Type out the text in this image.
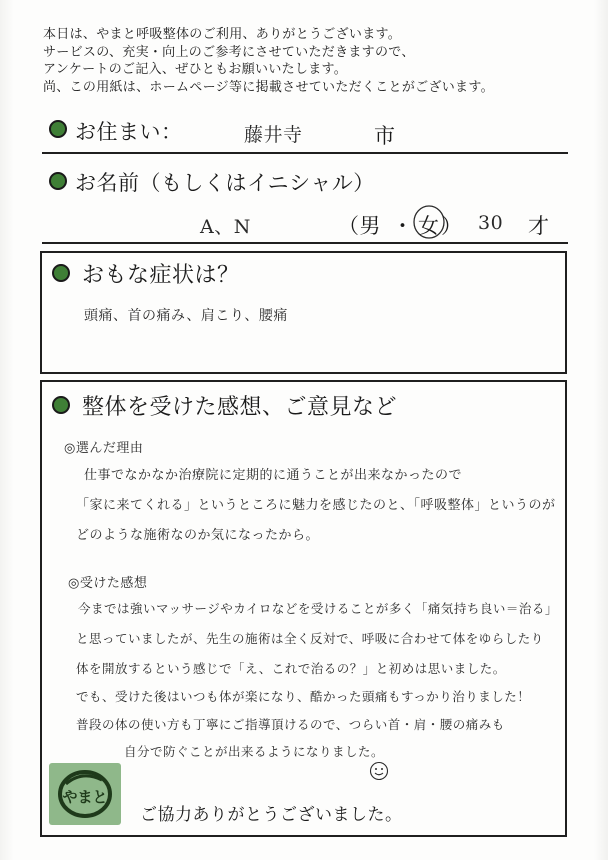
本日は、やまと呼吸整体のご利用、ありがとうございます。
サービスの、充実・向上のご参考にさせていただきますので、
アンケートのご記入、ぜひともお願いいたします。
尚、この用紙は、ホームページ等に掲載させていただくことがございます。
お住まい：	藤井寺	市
お名前（もしくはイニシャル）
A、N	（男 ・ 女 ） 30 才
おもな症状は？
頭痛、首の痛み、肩こり、腰痛
整体を受けた感想、ご意見など
◎選んだ理由
仕事でなかなか治療院に定期的に通うことが出来なかったので
「家に来てくれる」というところに魅力を感じたのと、「呼吸整体」というのが
どのような施術なのか気になったから。
◎受けた感想
今までは強いマッサージやカイロなどを受けることが多く「痛気持ち良い＝治る」
と思っていましたが、先生の施術は全く反対で、呼吸に合わせて体をゆらしたり
体を開放するという感じで「え、これで治るの？」と初めは思いました。
でも、受けた後はいつも体が楽になり、酷かった頭痛もすっかり治りました！
普段の体の使い方も丁寧にご指導頂けるので、つらい首・肩・腰の痛みも
自分で防ぐことが出来るようになりました。
ご協力ありがとうございました。
やまと
